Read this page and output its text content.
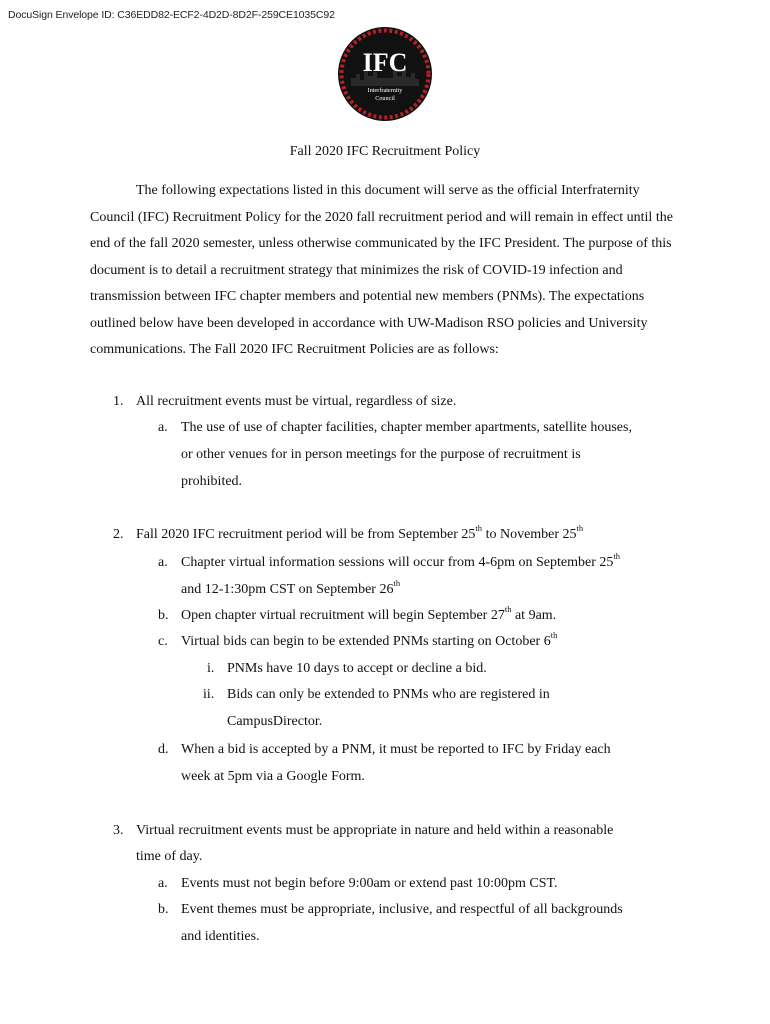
DocuSign Envelope ID: C36EDD82-ECF2-4D2D-8D2F-259CE1035C92
IFC
Interfraternity
Council
Fall 2020 IFC Recruitment Policy

The following expectations listed in this document will serve as the official Interfraternity Council (IFC) Recruitment Policy for the 2020 fall recruitment period and will remain in effect until the end of the fall 2020 semester, unless otherwise communicated by the IFC President. The purpose of this document is to detail a recruitment strategy that minimizes the risk of COVID-19 infection and transmission between IFC chapter members and potential new members (PNMs). The expectations outlined below have been developed in accordance with UW-Madison RSO policies and University communications. The Fall 2020 IFC Recruitment Policies are as follows:

1. All recruitment events must be virtual, regardless of size.
a. The use of use of chapter facilities, chapter member apartments, satellite houses,
or other venues for in person meetings for the purpose of recruitment is
prohibited.
2. Fall 2020 IFC recruitment period will be from September 25th to November 25th
a. Chapter virtual information sessions will occur from 4-6pm on September 25th
and 12-1:30pm CST on September 26th
b. Open chapter virtual recruitment will begin September 27th at 9am.
c. Virtual bids can begin to be extended PNMs starting on October 6th
i. PNMs have 10 days to accept or decline a bid.
ii. Bids can only be extended to PNMs who are registered in
CampusDirector.
d. When a bid is accepted by a PNM, it must be reported to IFC by Friday each
week at 5pm via a Google Form.
3. Virtual recruitment events must be appropriate in nature and held within a reasonable
time of day.
a. Events must not begin before 9:00am or extend past 10:00pm CST.
b. Event themes must be appropriate, inclusive, and respectful of all backgrounds
and identities.
